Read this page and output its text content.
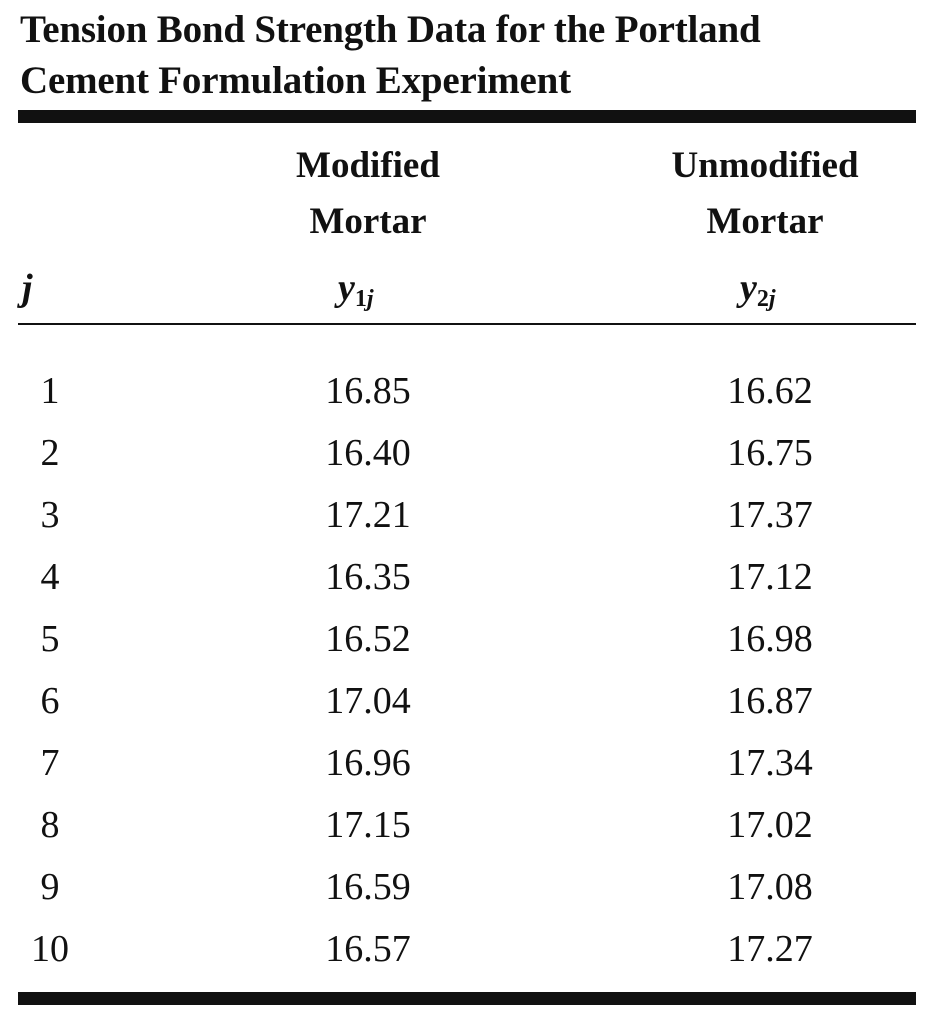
Tension Bond Strength Data for the Portland
Cement Formulation Experiment
Modified
Mortar
Unmodified
Mortar
j	$y_{1j}$	$y_{2j}$
1	16.85	16.62
2	16.40	16.75
3	17.21	17.37
4	16.35	17.12
5	16.52	16.98
6	17.04	16.87
7	16.96	17.34
8	17.15	17.02
9	16.59	17.08
10	16.57	17.27
